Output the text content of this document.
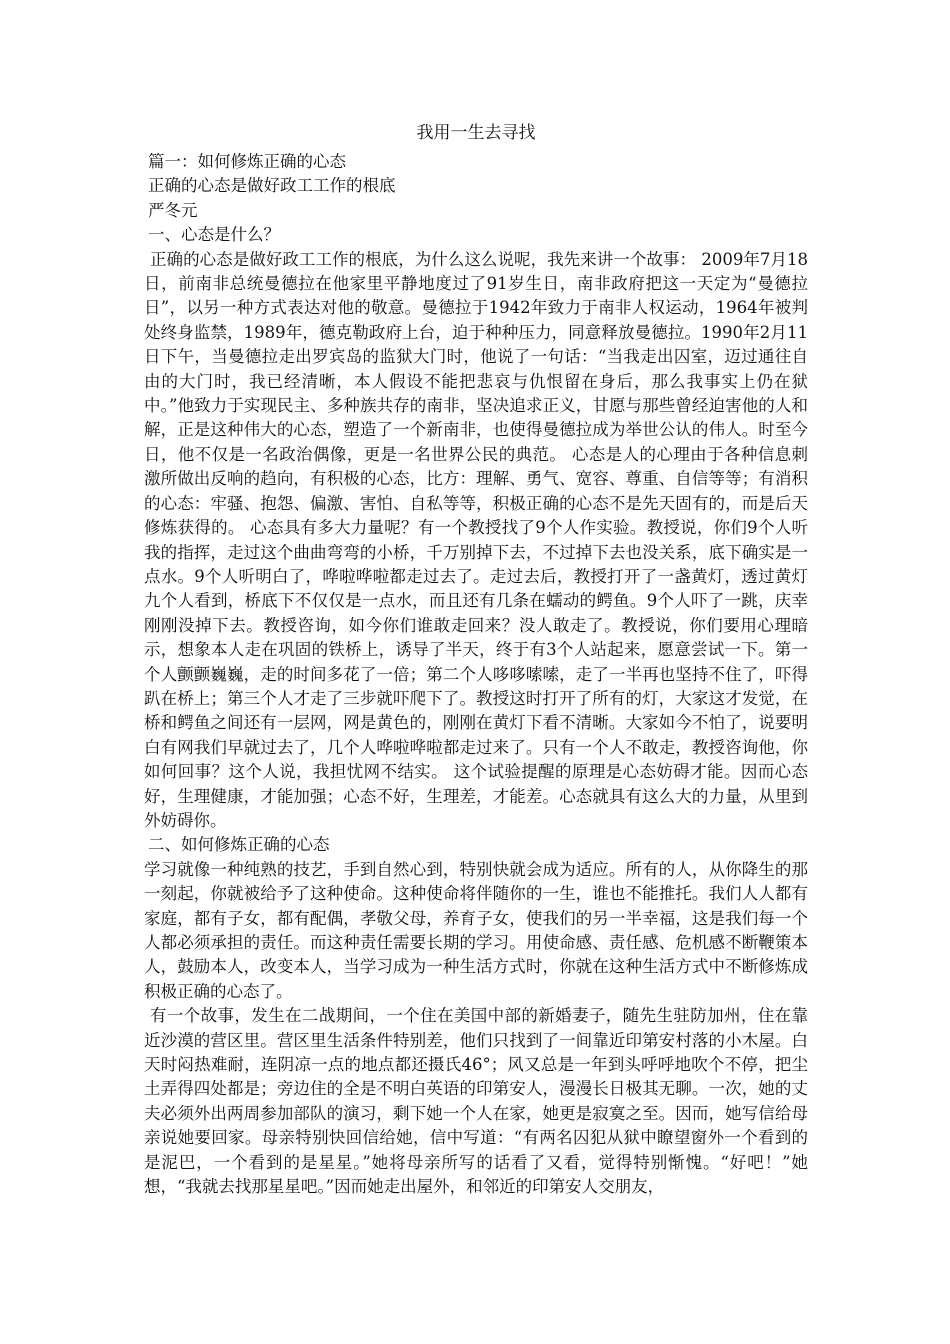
我用一生去寻找

篇一：如何修炼正确的心态

正确的心态是做好政工工作的根底

严冬元

一、心态是什么？

正确的心态是做好政工工作的根底，为什么这么说呢，我先来讲一个故事： 2009年7月18日，前南非总统曼德拉在他家里平静地度过了91岁生日，南非政府把这一天定为“曼德拉日”，以另一种方式表达对他的敬意。曼德拉于1942年致力于南非人权运动，1964年被判处终身监禁，1989年，德克勒政府上台，迫于种种压力，同意释放曼德拉。1990年2月11日下午，当曼德拉走出罗宾岛的监狱大门时，他说了一句话：“当我走出囚室，迈过通往自由的大门时，我已经清晰，本人假设不能把悲哀与仇恨留在身后，那么我事实上仍在狱中。”他致力于实现民主、多种族共存的南非，坚决追求正义，甘愿与那些曾经迫害他的人和解，正是这种伟大的心态，塑造了一个新南非，也使得曼德拉成为举世公认的伟人。时至今日，他不仅是一名政治偶像，更是一名世界公民的典范。 心态是人的心理由于各种信息刺激所做出反响的趋向，有积极的心态，比方：理解、勇气、宽容、尊重、自信等等；有消积的心态：牢骚、抱怨、偏激、害怕、自私等等，积极正确的心态不是先天固有的，而是后天修炼获得的。 心态具有多大力量呢？有一个教授找了9个人作实验。教授说，你们9个人听我的指挥，走过这个曲曲弯弯的小桥，千万别掉下去，不过掉下去也没关系，底下确实是一点水。9个人听明白了，哗啦哗啦都走过去了。走过去后，教授打开了一盏黄灯，透过黄灯九个人看到，桥底下不仅仅是一点水，而且还有几条在蠕动的鳄鱼。9个人吓了一跳，庆幸刚刚没掉下去。教授咨询，如今你们谁敢走回来？没人敢走了。教授说，你们要用心理暗示，想象本人走在巩固的铁桥上，诱导了半天，终于有3个人站起来，愿意尝试一下。第一个人颤颤巍巍，走的时间多花了一倍；第二个人哆哆嗦嗦，走了一半再也坚持不住了，吓得趴在桥上；第三个人才走了三步就吓爬下了。教授这时打开了所有的灯，大家这才发觉，在桥和鳄鱼之间还有一层网，网是黄色的，刚刚在黄灯下看不清晰。大家如今不怕了，说要明白有网我们早就过去了，几个人哗啦哗啦都走过来了。只有一个人不敢走，教授咨询他，你如何回事？这个人说，我担忧网不结实。 这个试验提醒的原理是心态妨碍才能。因而心态好，生理健康，才能加强；心态不好，生理差，才能差。心态就具有这么大的力量，从里到外妨碍你。

二、如何修炼正确的心态

学习就像一种纯熟的技艺，手到自然心到，特别快就会成为适应。所有的人，从你降生的那一刻起，你就被给予了这种使命。这种使命将伴随你的一生，谁也不能推托。我们人人都有家庭，都有子女，都有配偶，孝敬父母，养育子女，使我们的另一半幸福，这是我们每一个人都必须承担的责任。而这种责任需要长期的学习。用使命感、责任感、危机感不断鞭策本人，鼓励本人，改变本人，当学习成为一种生活方式时，你就在这种生活方式中不断修炼成积极正确的心态了。

有一个故事，发生在二战期间，一个住在美国中部的新婚妻子，随先生驻防加州，住在靠近沙漠的营区里。营区里生活条件特别差，他们只找到了一间靠近印第安村落的小木屋。白天时闷热难耐，连阴凉一点的地点都还摄氏46°；风又总是一年到头呼呼地吹个不停，把尘土弄得四处都是；旁边住的全是不明白英语的印第安人，漫漫长日极其无聊。一次，她的丈夫必须外出两周参加部队的演习，剩下她一个人在家，她更是寂寞之至。因而，她写信给母亲说她要回家。母亲特别快回信给她，信中写道：“有两名囚犯从狱中瞭望窗外一个看到的是泥巴，一个看到的是星星。”她将母亲所写的话看了又看，觉得特别惭愧。“好吧！”她想，“我就去找那星星吧。”因而她走出屋外，和邻近的印第安人交朋友，
